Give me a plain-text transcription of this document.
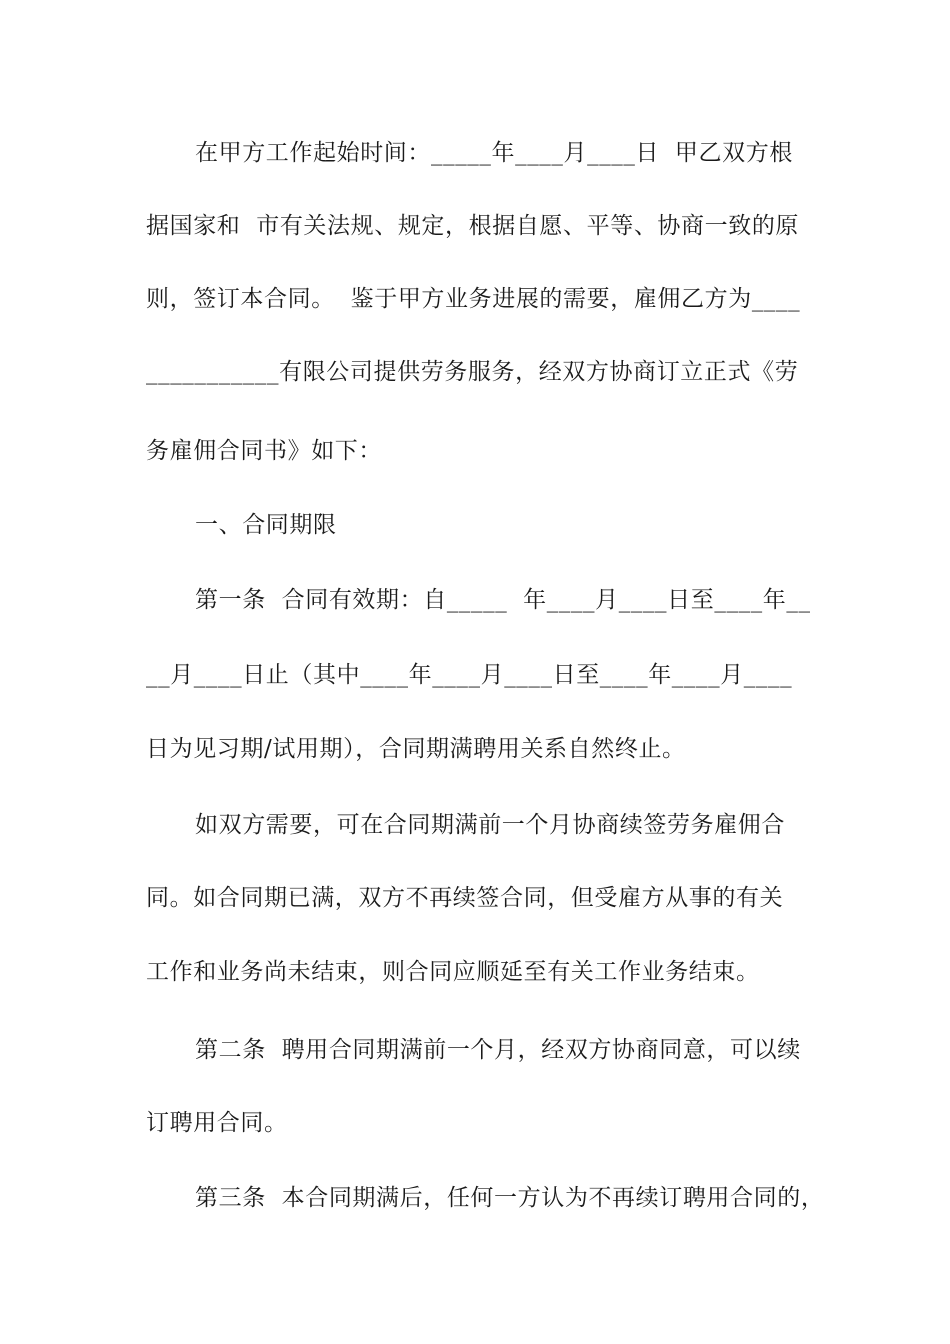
在甲方工作起始时间：_____年____月____日  甲乙双方根
据国家和  市有关法规、规定，根据自愿、平等、协商一致的原
则，签订本合同。  鉴于甲方业务进展的需要，雇佣乙方为____
___________有限公司提供劳务服务，经双方协商订立正式《劳
务雇佣合同书》如下：
一、合同期限
第一条  合同有效期：自_____  年____月____日至____年__
__月____日止（其中____年____月____日至____年____月____
日为见习期/试用期），合同期满聘用关系自然终止。
如双方需要，可在合同期满前一个月协商续签劳务雇佣合
同。如合同期已满，双方不再续签合同，但受雇方从事的有关
工作和业务尚未结束，则合同应顺延至有关工作业务结束。
第二条  聘用合同期满前一个月，经双方协商同意，可以续
订聘用合同。
第三条  本合同期满后，任何一方认为不再续订聘用合同的，
